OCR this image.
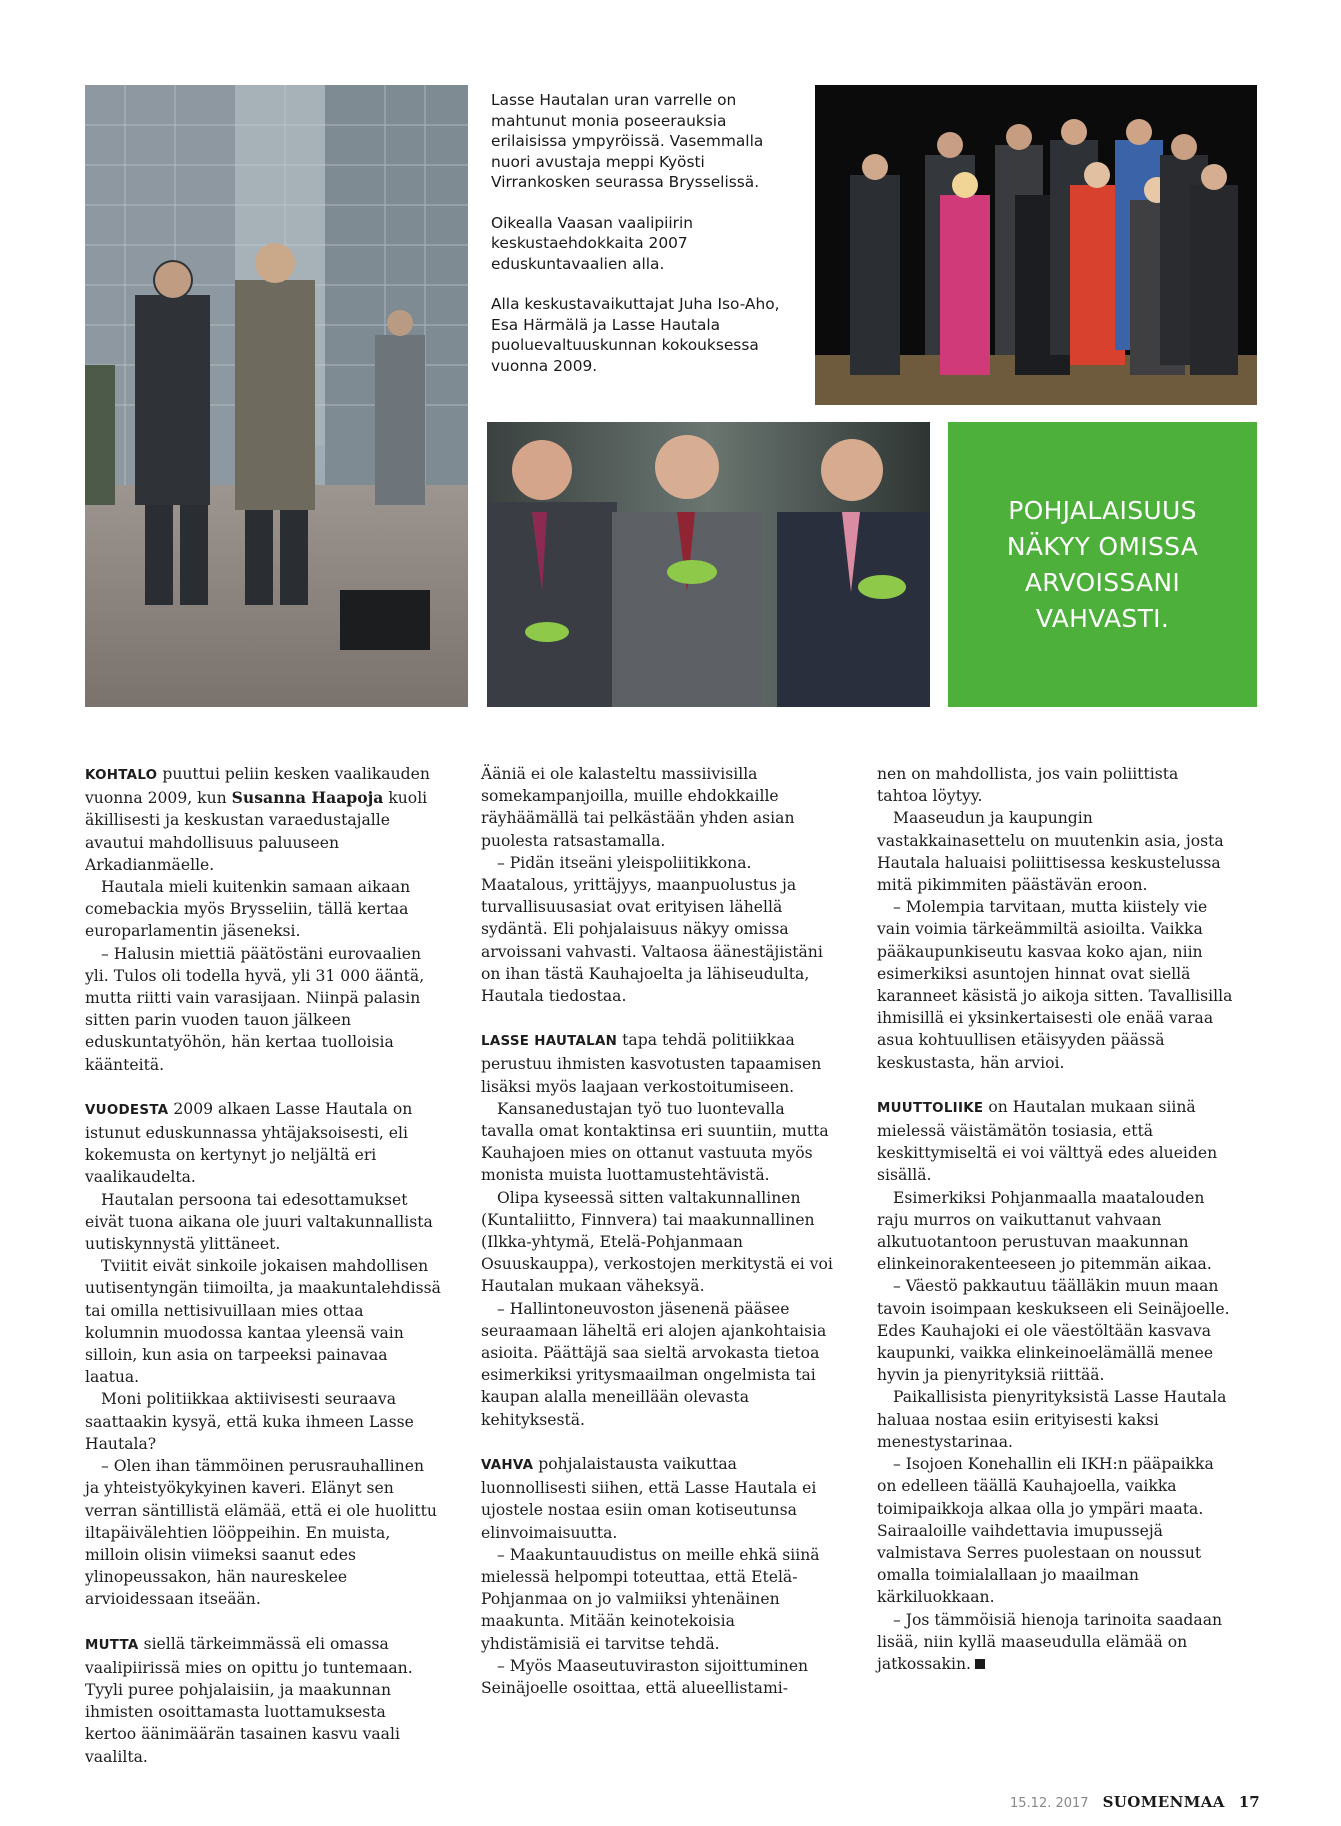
Lasse Hautalan uran varrelle on mahtunut monia poseerauksia erilaisissa ympyröissä. Vasemmalla nuori avustaja meppi Kyösti Virrankosken seurassa Brysselissä.

Oikealla Vaasan vaalipiirin keskustaehdokkaita 2007 eduskuntavaalien alla.

Alla keskustavaikuttajat Juha Iso-Aho, Esa Härmälä ja Lasse Hautala puoluevaltuuskunnan kokouksessa vuonna 2009.

POHJALAISUUS
NÄKYY OMISSA
ARVOISSANI
VAHVASTI.

KOHTALO puuttui peliin kesken vaalikauden vuonna 2009, kun Susanna Haapoja kuoli äkillisesti ja keskustan varaedustajalle avautui mahdollisuus paluuseen Arkadianmäelle.

Hautala mieli kuitenkin samaan aikaan comebackia myös Brysseliin, tällä kertaa europarlamentin jäseneksi.

– Halusin miettiä päätöstäni eurovaalien yli. Tulos oli todella hyvä, yli 31 000 ääntä, mutta riitti vain varasijaan. Niinpä palasin sitten parin vuoden tauon jälkeen eduskuntatyöhön, hän kertaa tuolloisia käänteitä.

VUODESTA 2009 alkaen Lasse Hautala on istunut eduskunnassa yhtäjaksoisesti, eli kokemusta on kertynyt jo neljältä eri vaalikaudelta.

Hautalan persoona tai edesottamukset eivät tuona aikana ole juuri valtakunnallista uutiskynnystä ylittäneet.

Tviitit eivät sinkoile jokaisen mahdollisen uutisentyngän tiimoilta, ja maakuntalehdissä tai omilla nettisivuillaan mies ottaa kolumnin muodossa kantaa yleensä vain silloin, kun asia on tarpeeksi painavaa laatua.

Moni politiikkaa aktiivisesti seuraava saattaakin kysyä, että kuka ihmeen Lasse Hautala?

– Olen ihan tämmöinen perusrauhallinen ja yhteistyökykyinen kaveri. Elänyt sen verran säntillistä elämää, että ei ole huolittu iltapäivälehtien lööppeihin. En muista, milloin olisin viimeksi saanut edes ylinopeussakon, hän naureskelee arvioidessaan itseään.

MUTTA siellä tärkeimmässä eli omassa vaalipiirissä mies on opittu jo tuntemaan. Tyyli puree pohjalaisiin, ja maakunnan ihmisten osoittamasta luottamuksesta kertoo äänimäärän tasainen kasvu vaali vaalilta.

Ääniä ei ole kalasteltu massiivisilla somekampanjoilla, muille ehdokkaille räyhäämällä tai pelkästään yhden asian puolesta ratsastamalla.

– Pidän itseäni yleispoliitikkona. Maatalous, yrittäjyys, maanpuolustus ja turvallisuusasiat ovat erityisen lähellä sydäntä. Eli pohjalaisuus näkyy omissa arvoissani vahvasti. Valtaosa äänestäjistäni on ihan tästä Kauhajoelta ja lähiseudulta, Hautala tiedostaa.

LASSE HAUTALAN tapa tehdä politiikkaa perustuu ihmisten kasvotusten tapaamisen lisäksi myös laajaan verkostoitumiseen.

Kansanedustajan työ tuo luontevalla tavalla omat kontaktinsa eri suuntiin, mutta Kauhajoen mies on ottanut vastuuta myös monista muista luottamustehtävistä.

Olipa kyseessä sitten valtakunnallinen (Kuntaliitto, Finnvera) tai maakunnallinen (Ilkka-yhtymä, Etelä-Pohjanmaan Osuuskauppa), verkostojen merkitystä ei voi Hautalan mukaan väheksyä.

– Hallintoneuvoston jäsenenä pääsee seuraamaan läheltä eri alojen ajankohtaisia asioita. Päättäjä saa sieltä arvokasta tietoa esimerkiksi yritysmaailman ongelmista tai kaupan alalla meneillään olevasta kehityksestä.

VAHVA pohjalaistausta vaikuttaa luonnollisesti siihen, että Lasse Hautala ei ujostele nostaa esiin oman kotiseutunsa elinvoimaisuutta.

– Maakuntauudistus on meille ehkä siinä mielessä helpompi toteuttaa, että Etelä-Pohjanmaa on jo valmiiksi yhtenäinen maakunta. Mitään keinotekoisia yhdistämisiä ei tarvitse tehdä.

– Myös Maaseutuviraston sijoittuminen Seinäjoelle osoittaa, että alueellistami-

nen on mahdollista, jos vain poliittista tahtoa löytyy.

Maaseudun ja kaupungin vastakkainasettelu on muutenkin asia, josta Hautala haluaisi poliittisessa keskustelussa mitä pikimmiten päästävän eroon.

– Molempia tarvitaan, mutta kiistely vie vain voimia tärkeämmiltä asioilta. Vaikka pääkaupunkiseutu kasvaa koko ajan, niin esimerkiksi asuntojen hinnat ovat siellä karanneet käsistä jo aikoja sitten. Tavallisilla ihmisillä ei yksinkertaisesti ole enää varaa asua kohtuullisen etäisyyden päässä keskustasta, hän arvioi.

MUUTTOLIIKE on Hautalan mukaan siinä mielessä väistämätön tosiasia, että keskittymiseltä ei voi välttyä edes alueiden sisällä.

Esimerkiksi Pohjanmaalla maatalouden raju murros on vaikuttanut vahvaan alkutuotantoon perustuvan maakunnan elinkeinorakenteeseen jo pitemmän aikaa.

– Väestö pakkautuu täälläkin muun maan tavoin isoimpaan keskukseen eli Seinäjoelle. Edes Kauhajoki ei ole väestöltään kasvava kaupunki, vaikka elinkeinoelämällä menee hyvin ja pienyrityksiä riittää.

Paikallisista pienyrityksistä Lasse Hautala haluaa nostaa esiin erityisesti kaksi menestystarinaa.

– Isojoen Konehallin eli IKH:n pääpaikka on edelleen täällä Kauhajoella, vaikka toimipaikkoja alkaa olla jo ympäri maata. Sairaaloille vaihdettavia imupussejä valmistava Serres puolestaan on noussut omalla toimialallaan jo maailman kärkiluokkaan.

– Jos tämmöisiä hienoja tarinoita saadaan lisää, niin kyllä maaseudulla elämää on jatkossakin.

15.12. 2017 SUOMENMAA 17
